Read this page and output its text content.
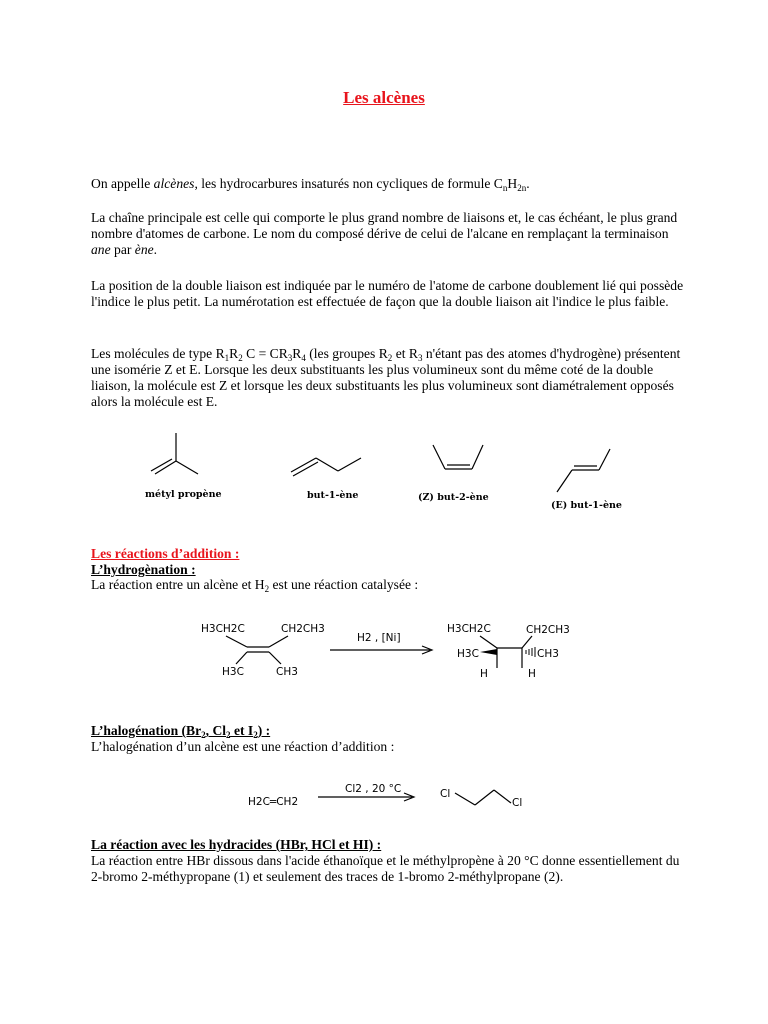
Les alcènes

On appelle alcènes, les hydrocarbures insaturés non cycliques de formule $C_nH_{2n}$.

La chaîne principale est celle qui comporte le plus grand nombre de liaisons et, le cas échéant, le plus grand nombre d'atomes de carbone. Le nom du composé dérive de celui de l'alcane en remplaçant la terminaison ane par ène.

La position de la double liaison est indiquée par le numéro de l'atome de carbone doublement lié qui possède l'indice le plus petit. La numérotation est effectuée de façon que la double liaison ait l'indice le plus faible.

Les molécules de type $R_1R_2$ $C = CR_3R_4$ (les groupes $R_2$ et $R_3$ n'étant pas des atomes d'hydrogène) présentent une isomérie Z et E. Lorsque les deux substituants les plus volumineux sont du même coté de la double liaison, la molécule est Z et lorsque les deux substituants les plus volumineux sont diamétralement opposés alors la molécule est E.

métyl propène	but-1-ène	(Z) but-2-ène
(E) but-1-ène
Les réactions d’addition :
L’hydrogènation :

La réaction entre un alcène et $H_2$ est une réaction catalysée :

H3CH2C	CH2CH3
H3C	CH3
H2 , [Ni]
H3CH2C	CH2CH3
H3C	CH3
H	H
L’halogénation ($Br_2$, $Cl_2$ et $I_2$) :

L’halogénation d’un alcène est une réaction d’addition :

H2C═CH2
Cl2 , 20 °C	Cl
Cl
La réaction avec les hydracides (HBr, HCl et HI) :

La réaction entre HBr dissous dans l'acide éthanoïque et le méthylpropène à 20 °C donne essentiellement du 2-bromo 2-méthypropane (1) et seulement des traces de 1-bromo 2-méthylpropane (2).
